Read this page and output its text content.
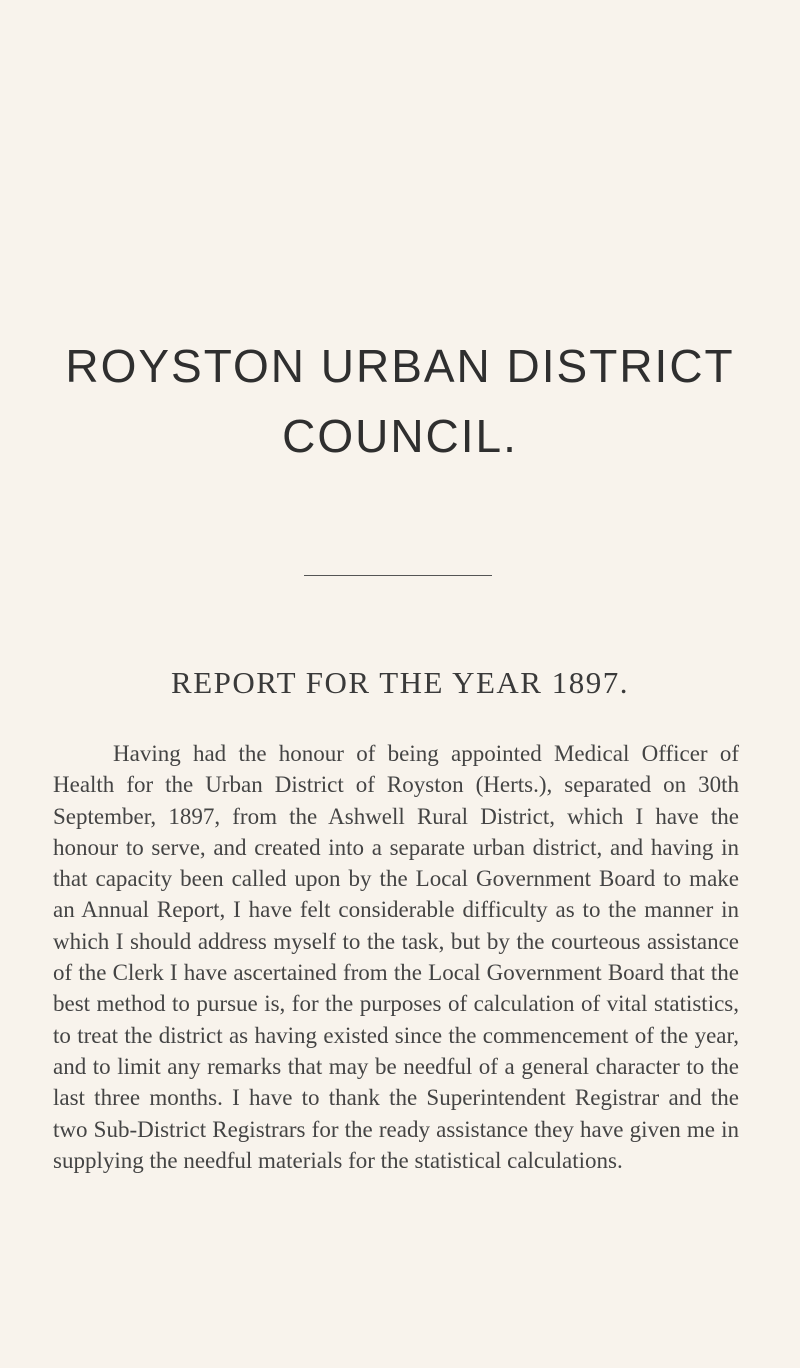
ROYSTON URBAN DISTRICT
COUNCIL.
REPORT FOR THE YEAR 1897.

Having had the honour of being appointed Medical Officer of Health for the Urban District of Royston (Herts.), separated on 30th September, 1897, from the Ashwell Rural District, which I have the honour to serve, and created into a separate urban district, and having in that capacity been called upon by the Local Government Board to make an Annual Report, I have felt considerable difficulty as to the manner in which I should address myself to the task, but by the courteous assistance of the Clerk I have ascertained from the Local Government Board that the best method to pursue is, for the purposes of calculation of vital statistics, to treat the district as having existed since the commencement of the year, and to limit any remarks that may be needful of a general character to the last three months. I have to thank the Superintendent Registrar and the two Sub-District Registrars for the ready assistance they have given me in supplying the needful materials for the statistical calculations.
